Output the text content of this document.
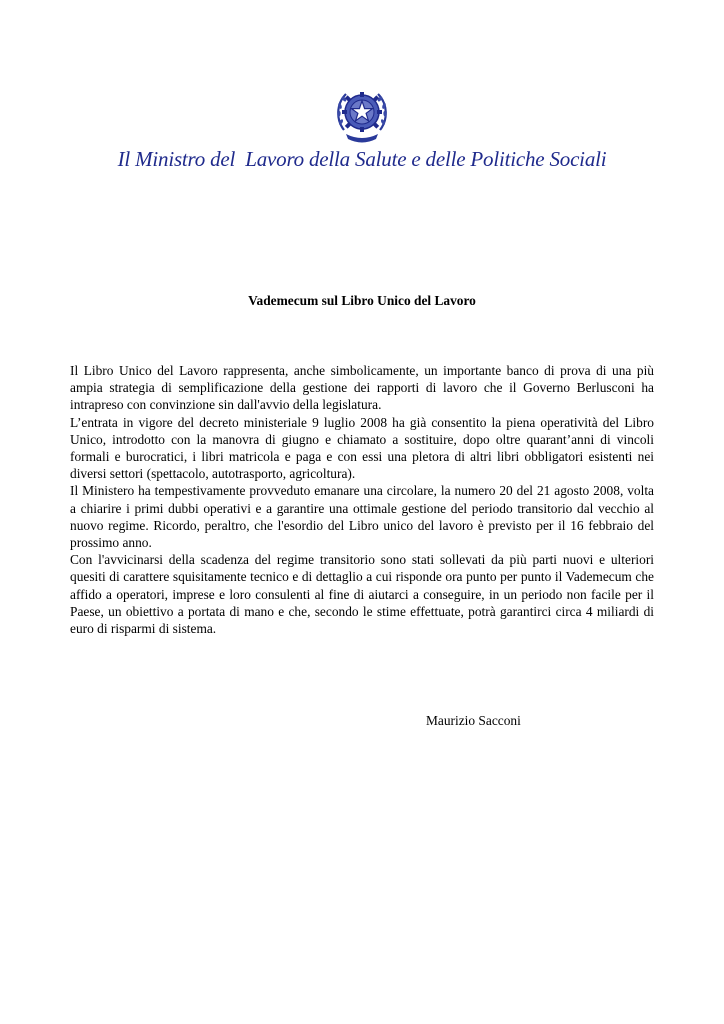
Il Ministro del  Lavoro della Salute e delle Politiche Sociali
Vademecum sul Libro Unico del Lavoro

Il Libro Unico del Lavoro rappresenta, anche simbolicamente, un importante banco di prova di una più ampia strategia di semplificazione della gestione dei rapporti di lavoro che il Governo Berlusconi ha intrapreso con convinzione sin dall'avvio della legislatura.

L’entrata in vigore del decreto ministeriale 9 luglio 2008 ha già consentito la piena operatività del Libro Unico, introdotto con la manovra di giugno e chiamato a sostituire, dopo oltre quarant’anni di vincoli formali e burocratici, i libri matricola e paga e con essi una pletora di altri libri obbligatori esistenti nei diversi settori (spettacolo, autotrasporto, agricoltura).

Il Ministero ha tempestivamente provveduto emanare una circolare, la numero 20 del 21 agosto 2008, volta a chiarire i primi dubbi operativi e a garantire una ottimale gestione del periodo transitorio dal vecchio al nuovo regime. Ricordo, peraltro, che l'esordio del Libro unico del lavoro è previsto per il 16 febbraio del prossimo anno.

Con l'avvicinarsi della scadenza del regime transitorio sono stati sollevati da più parti nuovi e ulteriori quesiti di carattere squisitamente tecnico e di dettaglio a cui risponde ora punto per punto il Vademecum che affido a operatori, imprese e loro consulenti al fine di aiutarci a conseguire, in un periodo non facile per il Paese, un obiettivo a portata di mano e che, secondo le stime effettuate, potrà garantirci circa 4 miliardi di euro di risparmi di sistema.

Maurizio Sacconi
